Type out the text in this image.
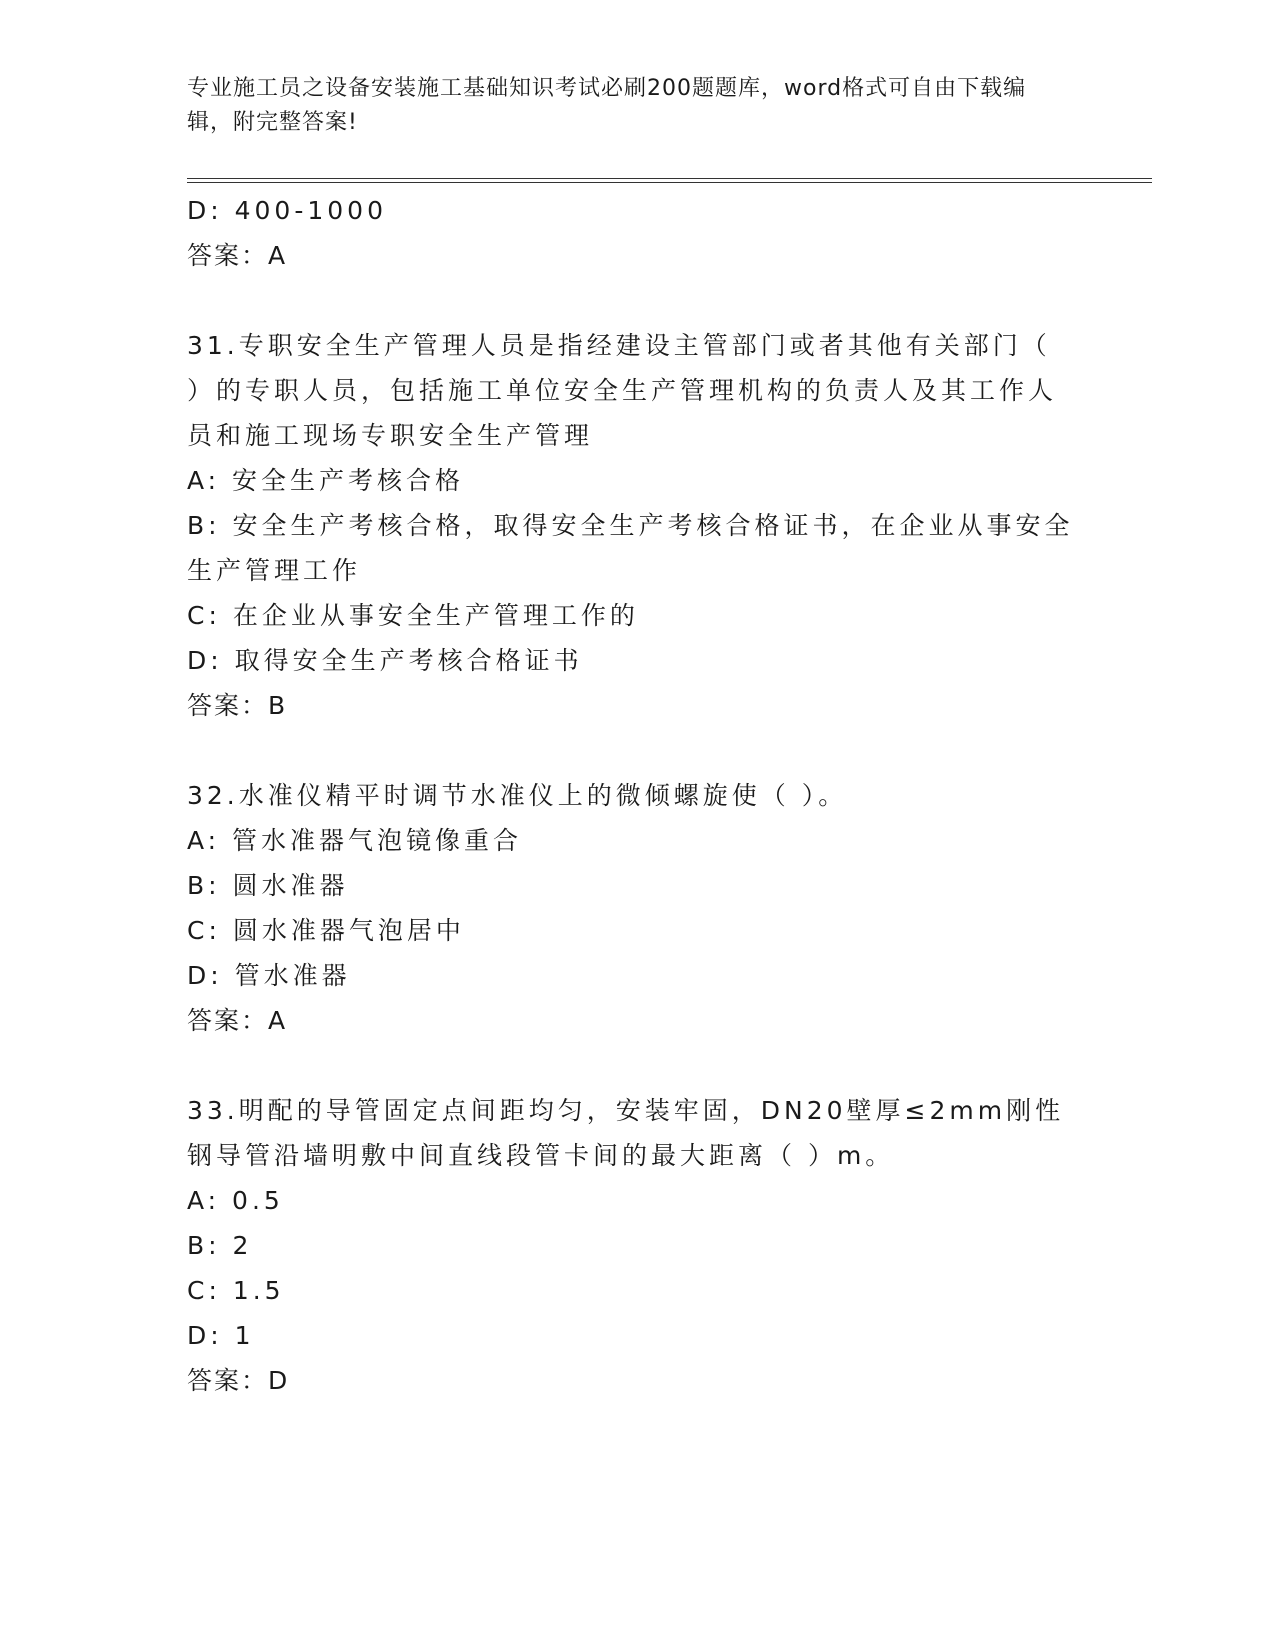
专业施工员之设备安装施工基础知识考试必刷200题题库，word格式可自由下载编辑，附完整答案!

D: 400-1000

答案：A

31.专职安全生产管理人员是指经建设主管部门或者其他有关部门（ ）的专职人员，包括施工单位安全生产管理机构的负责人及其工作人员和施工现场专职安全生产管理

A: 安全生产考核合格

B: 安全生产考核合格，取得安全生产考核合格证书，在企业从事安全生产管理工作

C: 在企业从事安全生产管理工作的

D: 取得安全生产考核合格证书

答案：B

32.水准仪精平时调节水准仪上的微倾螺旋使（ ）。

A: 管水准器气泡镜像重合

B: 圆水准器

C: 圆水准器气泡居中

D: 管水准器

答案：A

33.明配的导管固定点间距均匀，安装牢固，DN20壁厚≤2mm刚性钢导管沿墙明敷中间直线段管卡间的最大距离（ ）m。

A: 0.5

B: 2

C: 1.5

D: 1

答案：D
